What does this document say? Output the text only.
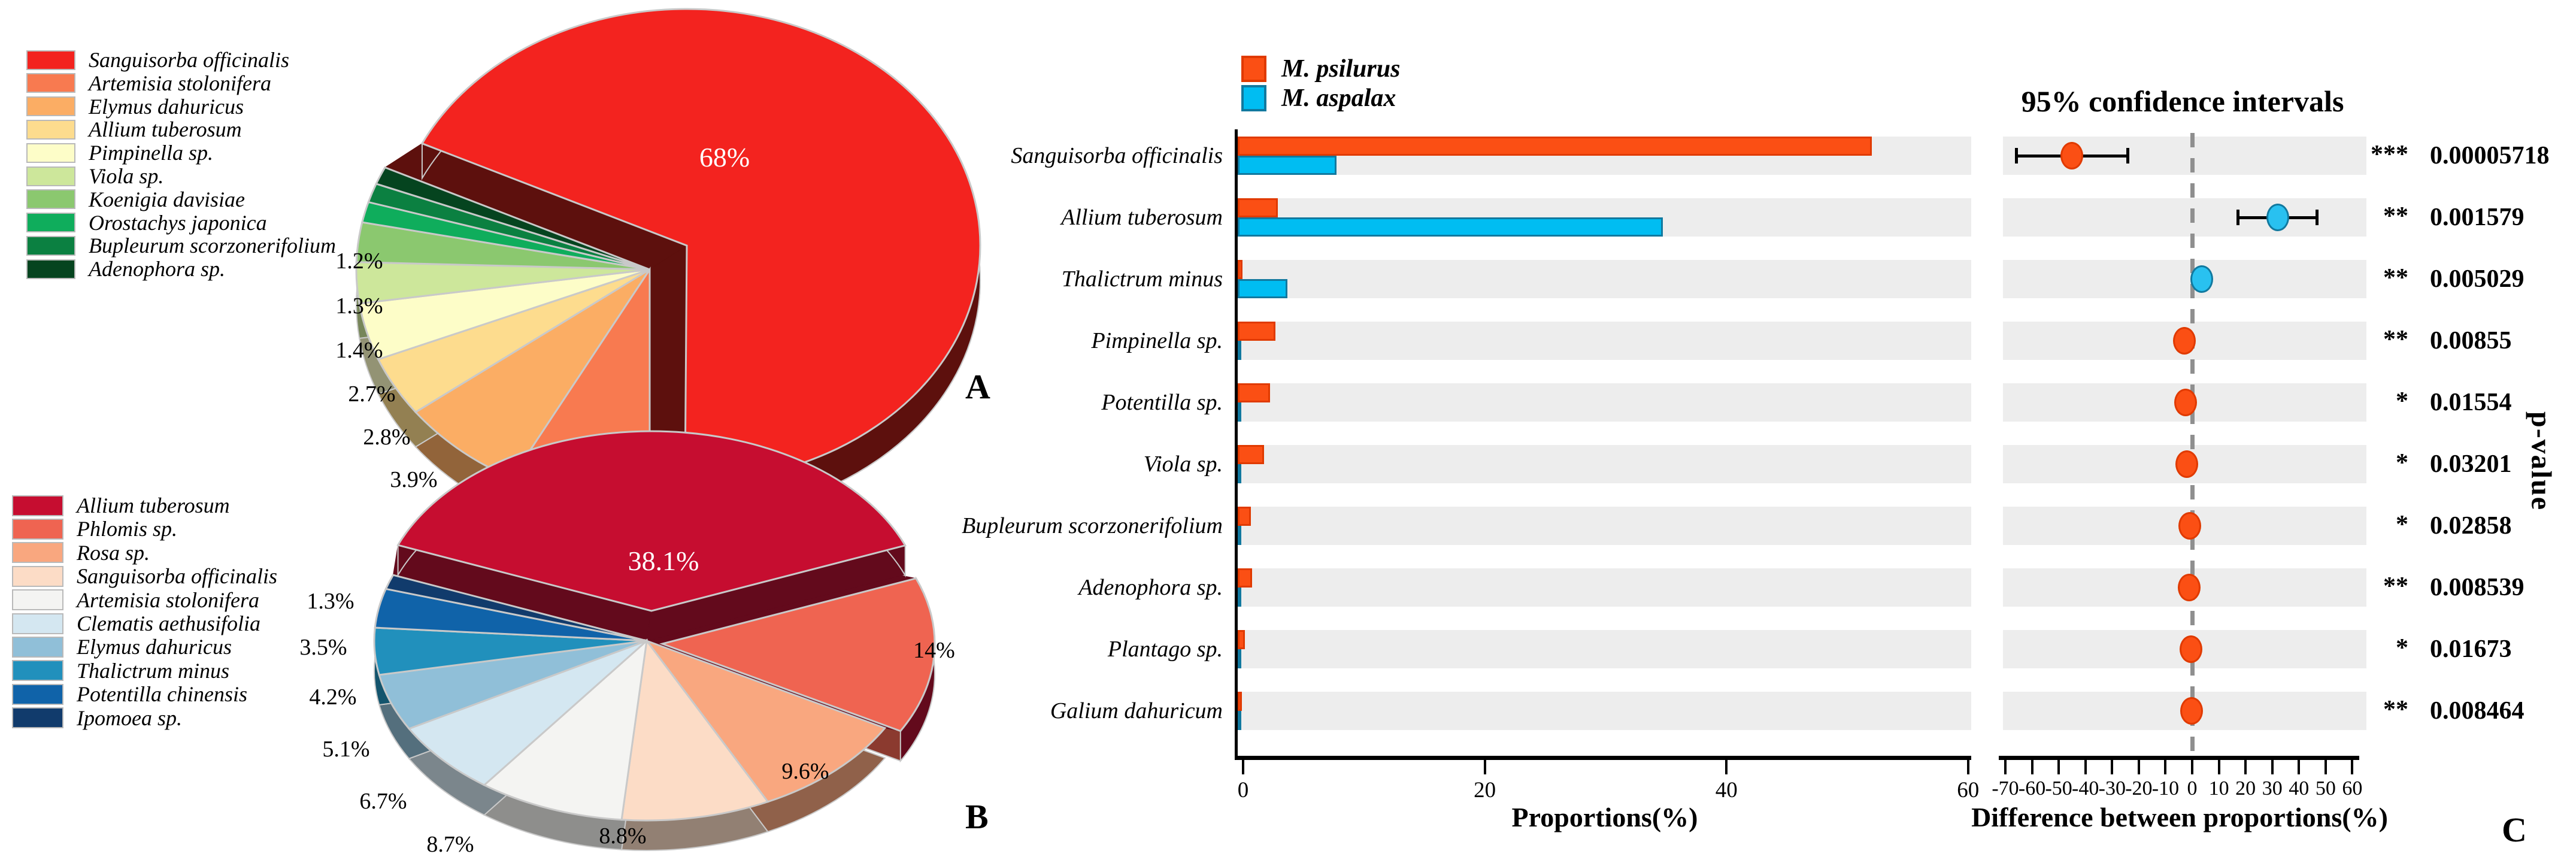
68%
3.9%
2.8%
2.7%
1.4%
1.3%
1.2%
38.1%
14%
9.6%
8.8%
8.7%
6.7%
5.1%
4.2%
3.5%
1.3%
Sanguisorba officinalis
Artemisia stolonifera
Elymus dahuricus
Allium tuberosum
Pimpinella sp.
Viola sp.
Koenigia davisiae
Orostachys japonica
Bupleurum scorzonerifolium
Adenophora sp.
Allium tuberosum
Phlomis sp.
Rosa sp.
Sanguisorba officinalis
Artemisia stolonifera
Clematis aethusifolia
Elymus dahuricus
Thalictrum minus
Potentilla chinensis
Ipomoea sp.
A
B	C
M. psilurus
M. aspalax
Sanguisorba officinalis
Allium tuberosum
Thalictrum minus
Pimpinella sp.
Potentilla sp.
Viola sp.
Bupleurum scorzonerifolium
Adenophora sp.
Plantago sp.
Galium dahuricum
0	20	40	60
95% confidence intervals
-70 -60 -50 -40 -30 -20 -10 0 10 20 30 40 50 60
*** 0.00005718
** 0.001579
** 0.005029
** 0.00855
* 0.01554
* 0.03201
* 0.02858
** 0.008539
* 0.01673
** 0.008464
Proportions(%)	Difference between proportions(%)
p-value
